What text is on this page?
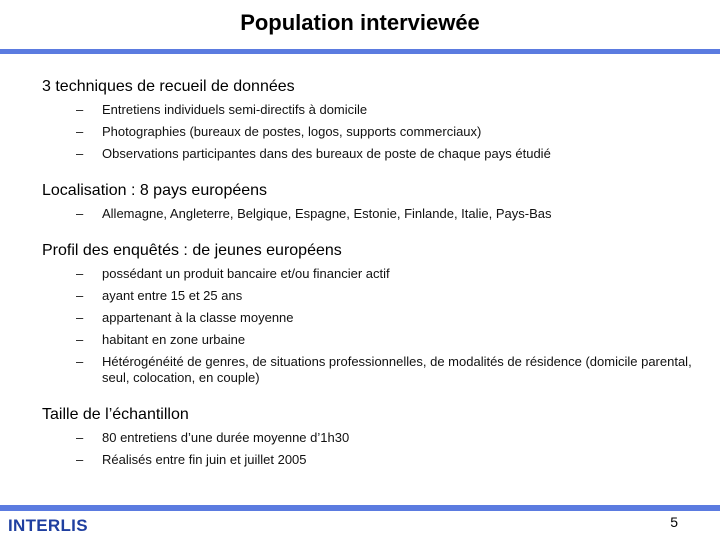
Population interviewée
3 techniques de recueil de données
– Entretiens individuels semi-directifs à domicile
– Photographies (bureaux de postes, logos, supports commerciaux)
– Observations participantes dans des bureaux de poste de chaque pays étudié
Localisation : 8 pays européens
– Allemagne, Angleterre, Belgique, Espagne, Estonie, Finlande, Italie, Pays-Bas
Profil des enquêtés : de jeunes européens
– possédant un produit bancaire et/ou financier actif
– ayant entre 15 et 25 ans
– appartenant à la classe moyenne
– habitant en zone urbaine
– Hétérogénéité de genres, de situations professionnelles, de modalités de résidence (domicile parental, seul, colocation, en couple)
Taille de l’échantillon
– 80 entretiens d’une durée moyenne d’1h30
– Réalisés entre fin juin et juillet 2005
INTERLIS	5
